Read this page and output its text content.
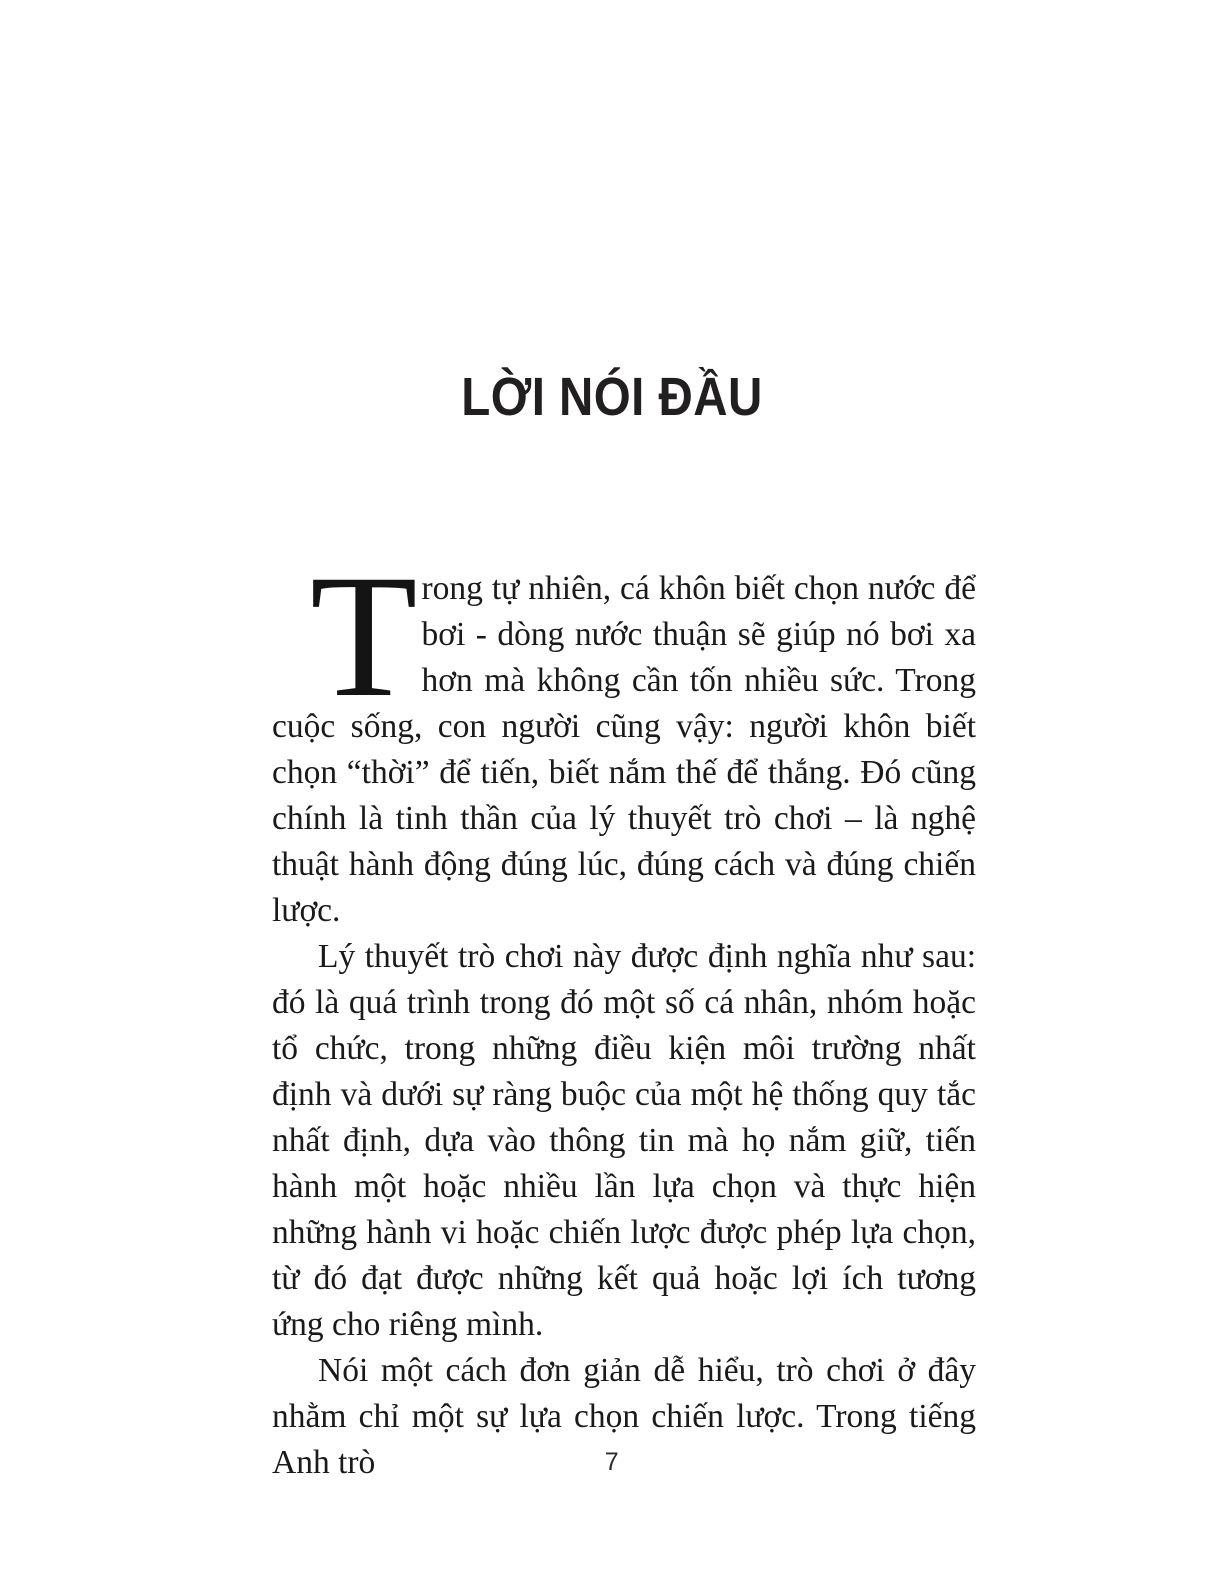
LỜI NÓI ĐẦU

Trong tự nhiên, cá khôn biết chọn nước để bơi - dòng nước thuận sẽ giúp nó bơi xa hơn mà không cần tốn nhiều sức. Trong cuộc sống, con người cũng vậy: người khôn biết chọn “thời” để tiến, biết nắm thế để thắng. Đó cũng chính là tinh thần của lý thuyết trò chơi – là nghệ thuật hành động đúng lúc, đúng cách và đúng chiến lược.

Lý thuyết trò chơi này được định nghĩa như sau: đó là quá trình trong đó một số cá nhân, nhóm hoặc tổ chức, trong những điều kiện môi trường nhất định và dưới sự ràng buộc của một hệ thống quy tắc nhất định, dựa vào thông tin mà họ nắm giữ, tiến hành một hoặc nhiều lần lựa chọn và thực hiện những hành vi hoặc chiến lược được phép lựa chọn, từ đó đạt được những kết quả hoặc lợi ích tương ứng cho riêng mình.

Nói một cách đơn giản dễ hiểu, trò chơi ở đây nhằm chỉ một sự lựa chọn chiến lược. Trong tiếng Anh trò	7
